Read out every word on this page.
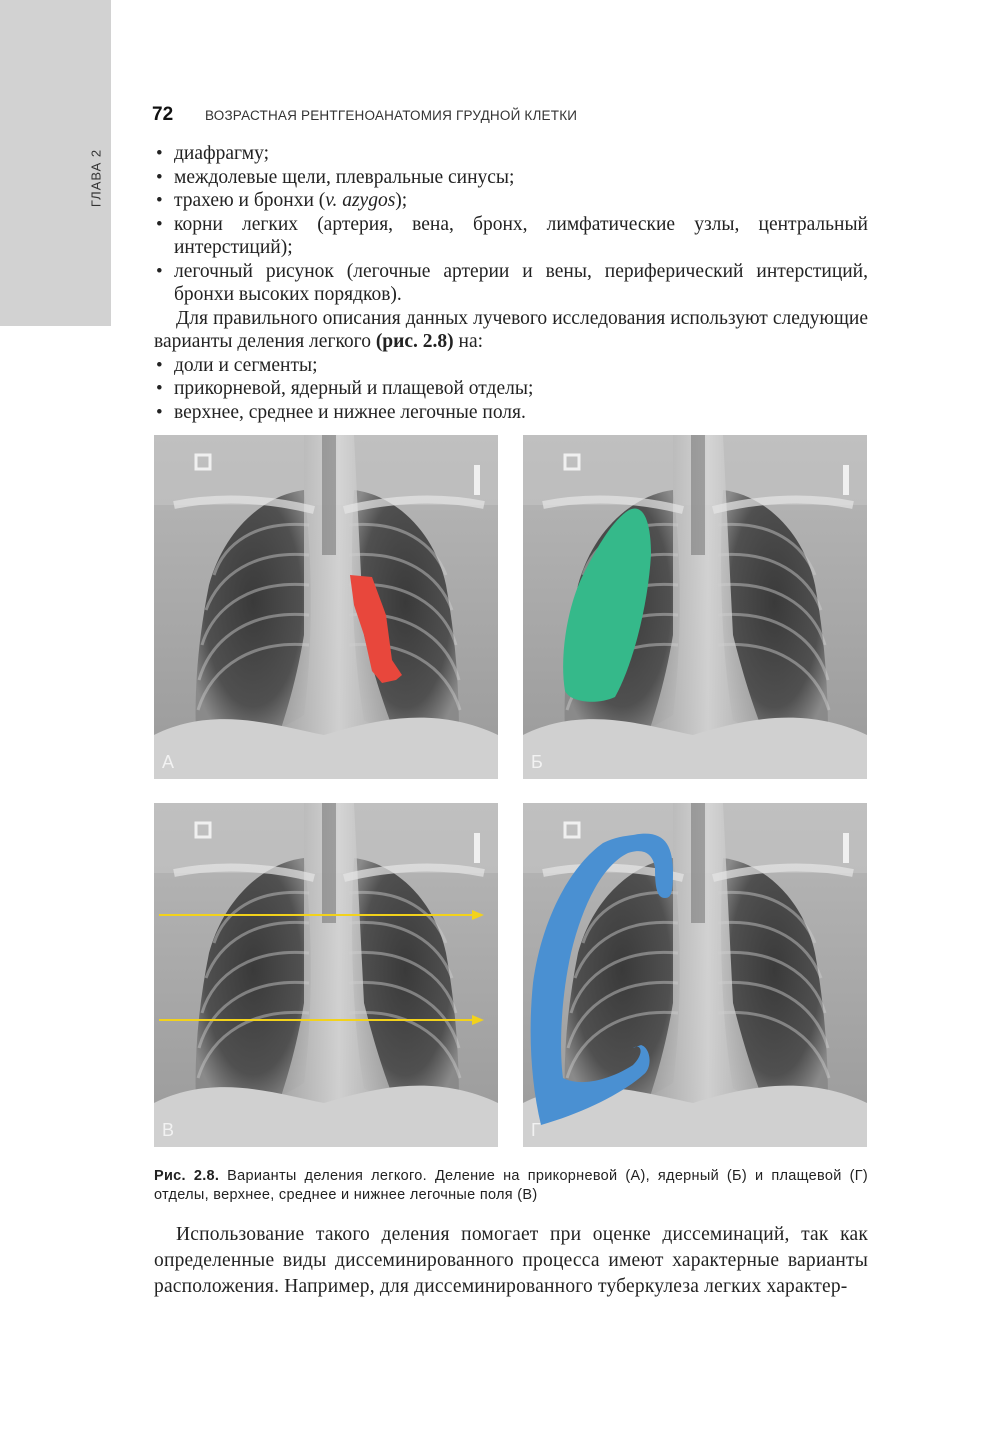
ГЛАВА 2
72 ВОЗРАСТНАЯ РЕНТГЕНОАНАТОМИЯ ГРУДНОЙ КЛЕТКИ
• диафрагму;
• междолевые щели, плевральные синусы;
• трахею и бронхи (v. azygos);
• корни легких (артерия, вена, бронх, лимфатические узлы, центральный интерстиций);
• легочный рисунок (легочные артерии и вены, периферический интерстиций, бронхи высоких порядков).

Для правильного описания данных лучевого исследования используют следующие варианты деления легкого (рис. 2.8) на:

• доли и сегменты;
• прикорневой, ядерный и плащевой отделы;
• верхнее, среднее и нижнее легочные поля.
А	Б
В	Г
Рис. 2.8. Варианты деления легкого. Деление на прикорневой (А), ядерный (Б) и плащевой (Г) отделы, верхнее, среднее и нижнее легочные поля (В)

Использование такого деления помогает при оценке диссеминаций, так как определенные виды диссеминированного процесса имеют характерные варианты расположения. Например, для диссеминированного туберкулеза легких характер-
